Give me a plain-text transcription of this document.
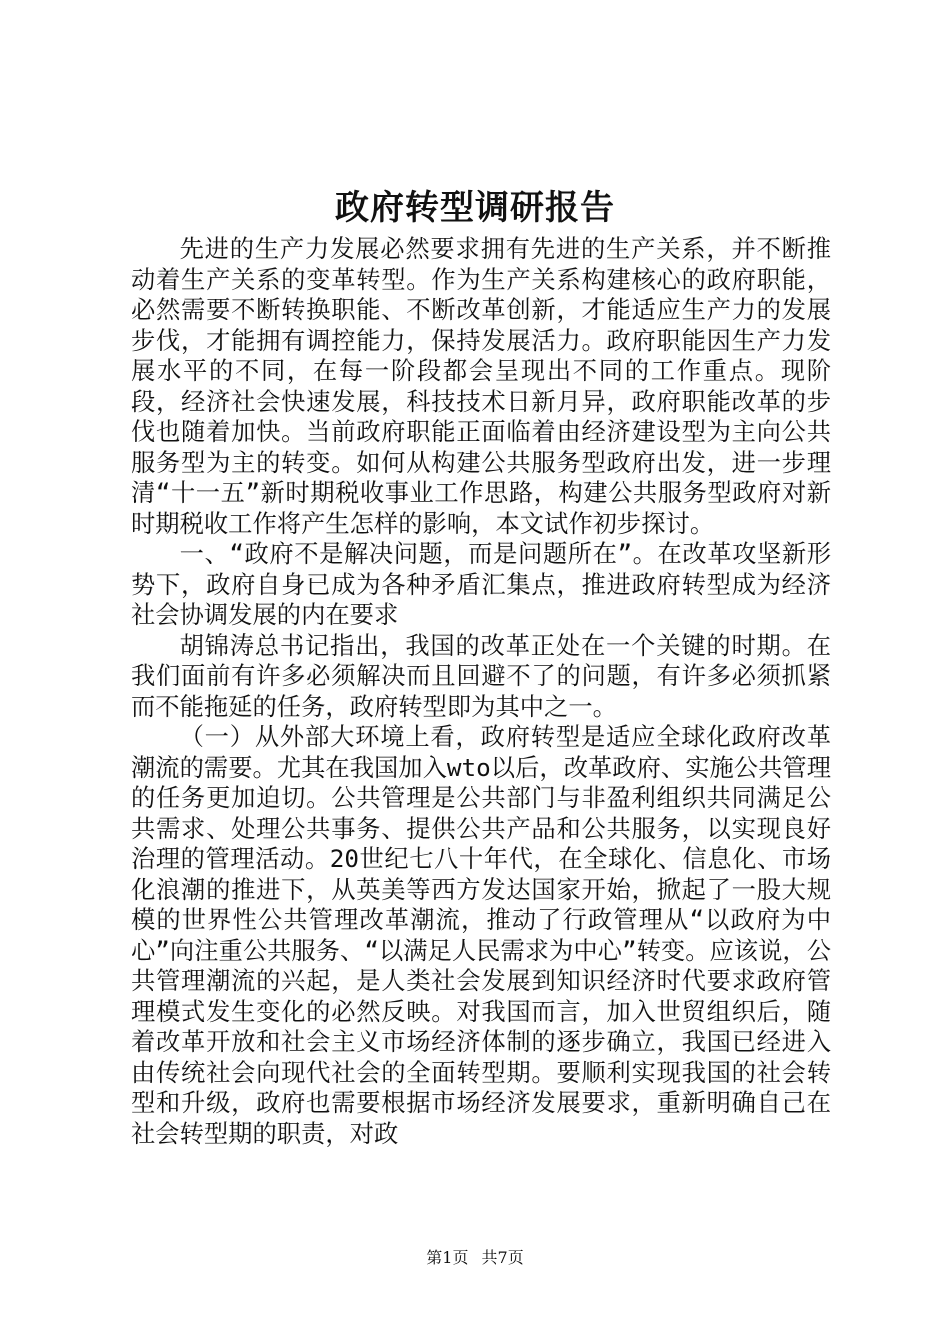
政府转型调研报告

先进的生产力发展必然要求拥有先进的生产关系，并不断推动着生产关系的变革转型。作为生产关系构建核心的政府职能，必然需要不断转换职能、不断改革创新，才能适应生产力的发展步伐，才能拥有调控能力，保持发展活力。政府职能因生产力发展水平的不同，在每一阶段都会呈现出不同的工作重点。现阶段，经济社会快速发展，科技技术日新月异，政府职能改革的步伐也随着加快。当前政府职能正面临着由经济建设型为主向公共服务型为主的转变。如何从构建公共服务型政府出发，进一步理清“十一五”新时期税收事业工作思路，构建公共服务型政府对新时期税收工作将产生怎样的影响，本文试作初步探讨。

一、“政府不是解决问题，而是问题所在”。在改革攻坚新形势下，政府自身已成为各种矛盾汇集点，推进政府转型成为经济社会协调发展的内在要求

胡锦涛总书记指出，我国的改革正处在一个关键的时期。在我们面前有许多必须解决而且回避不了的问题，有许多必须抓紧而不能拖延的任务，政府转型即为其中之一。

（一）从外部大环境上看，政府转型是适应全球化政府改革潮流的需要。尤其在我国加入wto以后，改革政府、实施公共管理的任务更加迫切。公共管理是公共部门与非盈利组织共同满足公共需求、处理公共事务、提供公共产品和公共服务，以实现良好治理的管理活动。20世纪七八十年代，在全球化、信息化、市场化浪潮的推进下，从英美等西方发达国家开始，掀起了一股大规模的世界性公共管理改革潮流，推动了行政管理从“以政府为中心”向注重公共服务、“以满足人民需求为中心”转变。应该说，公共管理潮流的兴起，是人类社会发展到知识经济时代要求政府管理模式发生变化的必然反映。对我国而言，加入世贸组织后，随着改革开放和社会主义市场经济体制的逐步确立，我国已经进入由传统社会向现代社会的全面转型期。要顺利实现我国的社会转型和升级，政府也需要根据市场经济发展要求，重新明确自己在社会转型期的职责，对政

第1页 共7页
